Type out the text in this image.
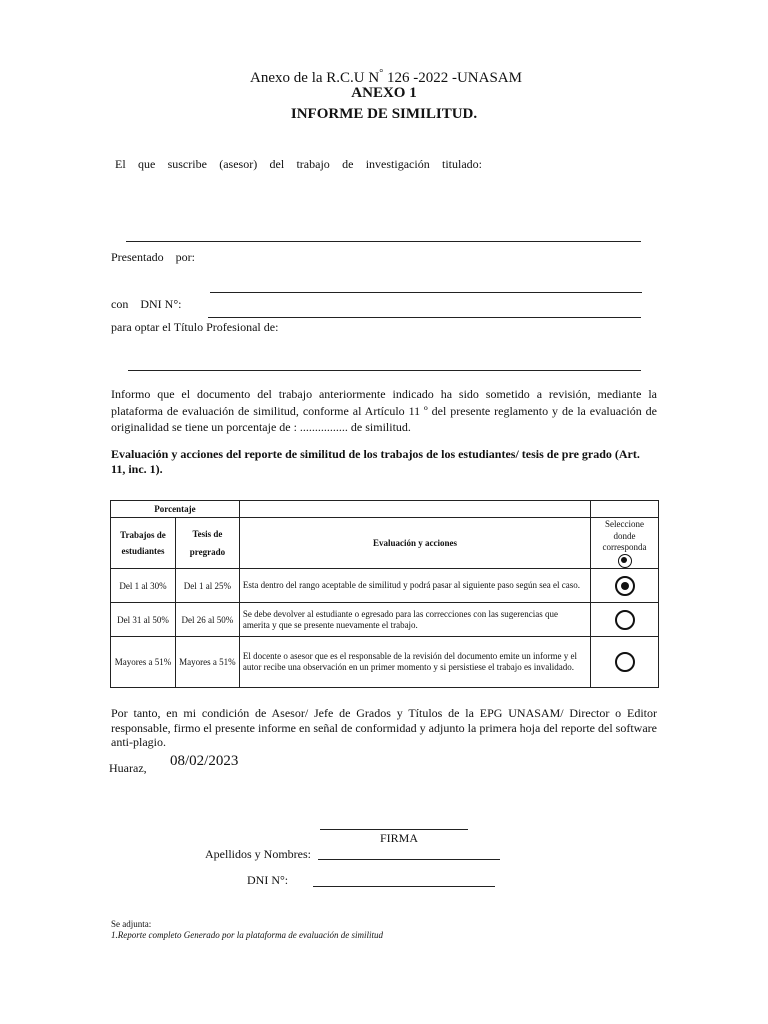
Anexo de la R.C.U N° 126 -2022 -UNASAM
ANEXO 1
INFORME DE SIMILITUD.
El que suscribe (asesor) del trabajo de investigación titulado:
Presentado    por:
con    DNI N°:
para optar el Título Profesional de:
Informo que el documento del trabajo anteriormente indicado ha sido sometido a revisión, mediante la plataforma de evaluación de similitud, conforme al Artículo 11 º del presente reglamento y de la evaluación de originalidad se tiene un porcentaje de : ................ de similitud.
Evaluación y acciones del reporte de similitud de los trabajos de los estudiantes/ tesis de pre grado (Art. 11, inc. 1).
Porcentaje			
Trabajos de estudiantes	Tesis de pregrado	Evaluación y acciones	Seleccione donde corresponda

Del 1 al 30%	Del 1 al 25%	Esta dentro del rango aceptable de similitud y podrá pasar al siguiente paso según sea el caso.	
Del 31 al 50%	Del 26 al 50%	Se debe devolver al estudiante o egresado para las correcciones con las sugerencias que amerita y que se presente nuevamente el trabajo.	
Mayores a 51%	Mayores a 51%	El docente o asesor que es el responsable de la revisión del documento emite un informe y el autor recibe una observación en un primer momento y si persistiese el trabajo es invalidado.	
Por tanto, en mi condición de Asesor/ Jefe de Grados y Títulos de la EPG UNASAM/ Director o Editor responsable, firmo el presente informe en señal de conformidad y adjunto la primera hoja del reporte del software anti-plagio.
Huaraz, 08/02/2023
FIRMA
Apellidos y Nombres:
DNI N°:
Se adjunta:
1.Reporte completo Generado por la plataforma de evaluación de similitud
